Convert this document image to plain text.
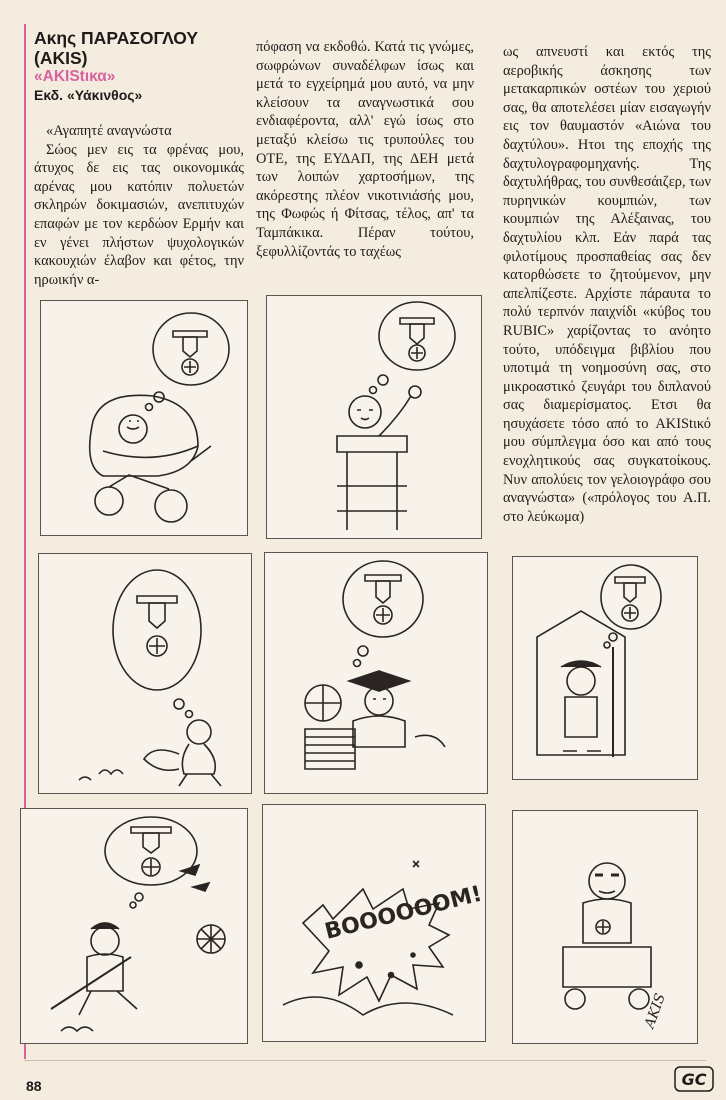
Ακης ΠΑΡΑΣΟΓΛΟΥ

(AKIS)

«AKIStικα»

Εκδ. «Υάκινθος»

«Αγαπητέ αναγνώστα

Σώος μεν εις τα φρένας μου, άτυχος δε εις τας οικονομικάς αρένας μου κατόπιν πολυετών σκληρών δοκιμασιών, ανεπιτυχών επαφών με τον κερδώον Ερμήν και εν γένει πλήστων ψυχολογικών κακουχιών έλαβον και φέτος, την ηρωικήν α-

πόφαση να εκδοθώ. Κατά τις γνώμες, σωφρώνων συναδέλφων ίσως και μετά το εγχείρημά μου αυτό, να μην κλείσουν τα αναγνωστικά σου ενδιαφέροντα, αλλ' εγώ ίσως στο μεταξύ κλείσω τις τρυπούλες του ΟΤΕ, της ΕΥΔΑΠ, της ΔΕΗ μετά των λοιπών χαρτοσήμων, της ακόρεστης πλέον νικοτινιάσής μου, της Φωφώς ή Φίτσας, τέλος, απ' τα Ταμπάκικα. Πέραν τούτου, ξεφυλλίζοντάς το ταχέως

ως απνευστί και εκτός της αεροβικής άσκησης των μετακαρπικών οστέων του χεριού σας, θα αποτελέσει μίαν εισαγωγήν εις τον θαυμαστόν «Αιώνα του δαχτύλου». Ητοι της εποχής της δαχτυλογραφομηχανής. Της δαχτυλήθρας, του συνθεσάιζερ, των πυρηνικών κουμπιών, των κουμπιών της Αλέξαινας, του δαχτυλίου κλπ. Εάν παρά τας φιλοτίμους προσπαθείας σας δεν κατορθώσετε το ζητούμενον, μην απελπίζεστε. Αρχίστε πάραυτα το πολύ τερπνόν παιχνίδι «κύβος του RUBIC» χαρίζοντας το ανόητο τούτο, υπόδειγμα βιβλίου που υποτιμά τη νοημοσύνη σας, στο μικροαστικό ζευγάρι του διπλανού σας διαμερίσματος. Ετσι θα ησυχάσετε τόσο από το AKIStικό μου σύμπλεγμα όσο και από τους ενοχλητικούς σας συγκατοίκους. Νυν απολύεις τον γελοιογράφο σου αναγνώστα» («πρόλογος του Α.Π. στο λεύκωμα)

BOOOOOOM!
AKIS
88	GC
